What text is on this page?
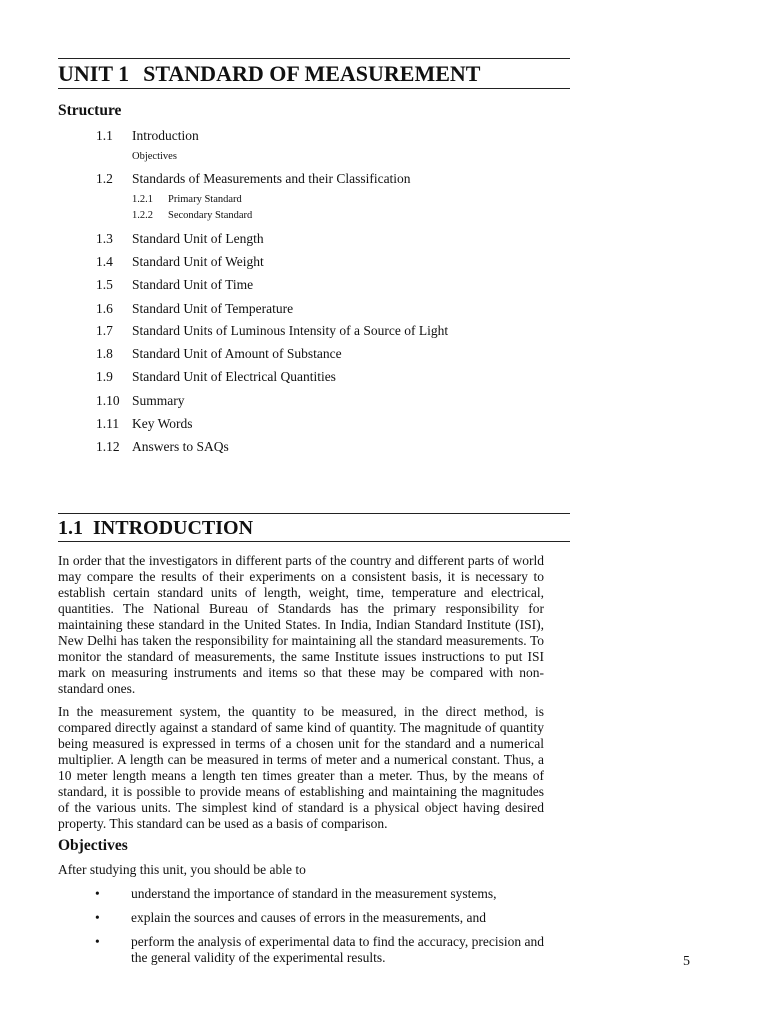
UNIT 1 STANDARD OF MEASUREMENT
Structure
1.1 Introduction
Objectives
1.2 Standards of Measurements and their Classification
1.2.1 Primary Standard
1.2.2 Secondary Standard
1.3 Standard Unit of Length
1.4 Standard Unit of Weight
1.5 Standard Unit of Time
1.6 Standard Unit of Temperature
1.7 Standard Units of Luminous Intensity of a Source of Light
1.8 Standard Unit of Amount of Substance
1.9 Standard Unit of Electrical Quantities
1.10 Summary
1.11 Key Words
1.12 Answers to SAQs
1.1 INTRODUCTION

In order that the investigators in different parts of the country and different parts of world may compare the results of their experiments on a consistent basis, it is necessary to establish certain standard units of length, weight, time, temperature and electrical, quantities. The National Bureau of Standards has the primary responsibility for maintaining these standard in the United States. In India, Indian Standard Institute (ISI), New Delhi has taken the responsibility for maintaining all the standard measurements. To monitor the standard of measurements, the same Institute issues instructions to put ISI mark on measuring instruments and items so that these may be compared with non-standard ones.

In the measurement system, the quantity to be measured, in the direct method, is compared directly against a standard of same kind of quantity. The magnitude of quantity being measured is expressed in terms of a chosen unit for the standard and a numerical multiplier. A length can be measured in terms of meter and a numerical constant. Thus, a 10 meter length means a length ten times greater than a meter. Thus, by the means of standard, it is possible to provide means of establishing and maintaining the magnitudes of the various units. The simplest kind of standard is a physical object having desired property. This standard can be used as a basis of comparison.

Objectives
After studying this unit, you should be able to
• understand the importance of standard in the measurement systems,
• explain the sources and causes of errors in the measurements, and
• perform the analysis of experimental data to find the accuracy, precision and the general validity of the experimental results.	5
